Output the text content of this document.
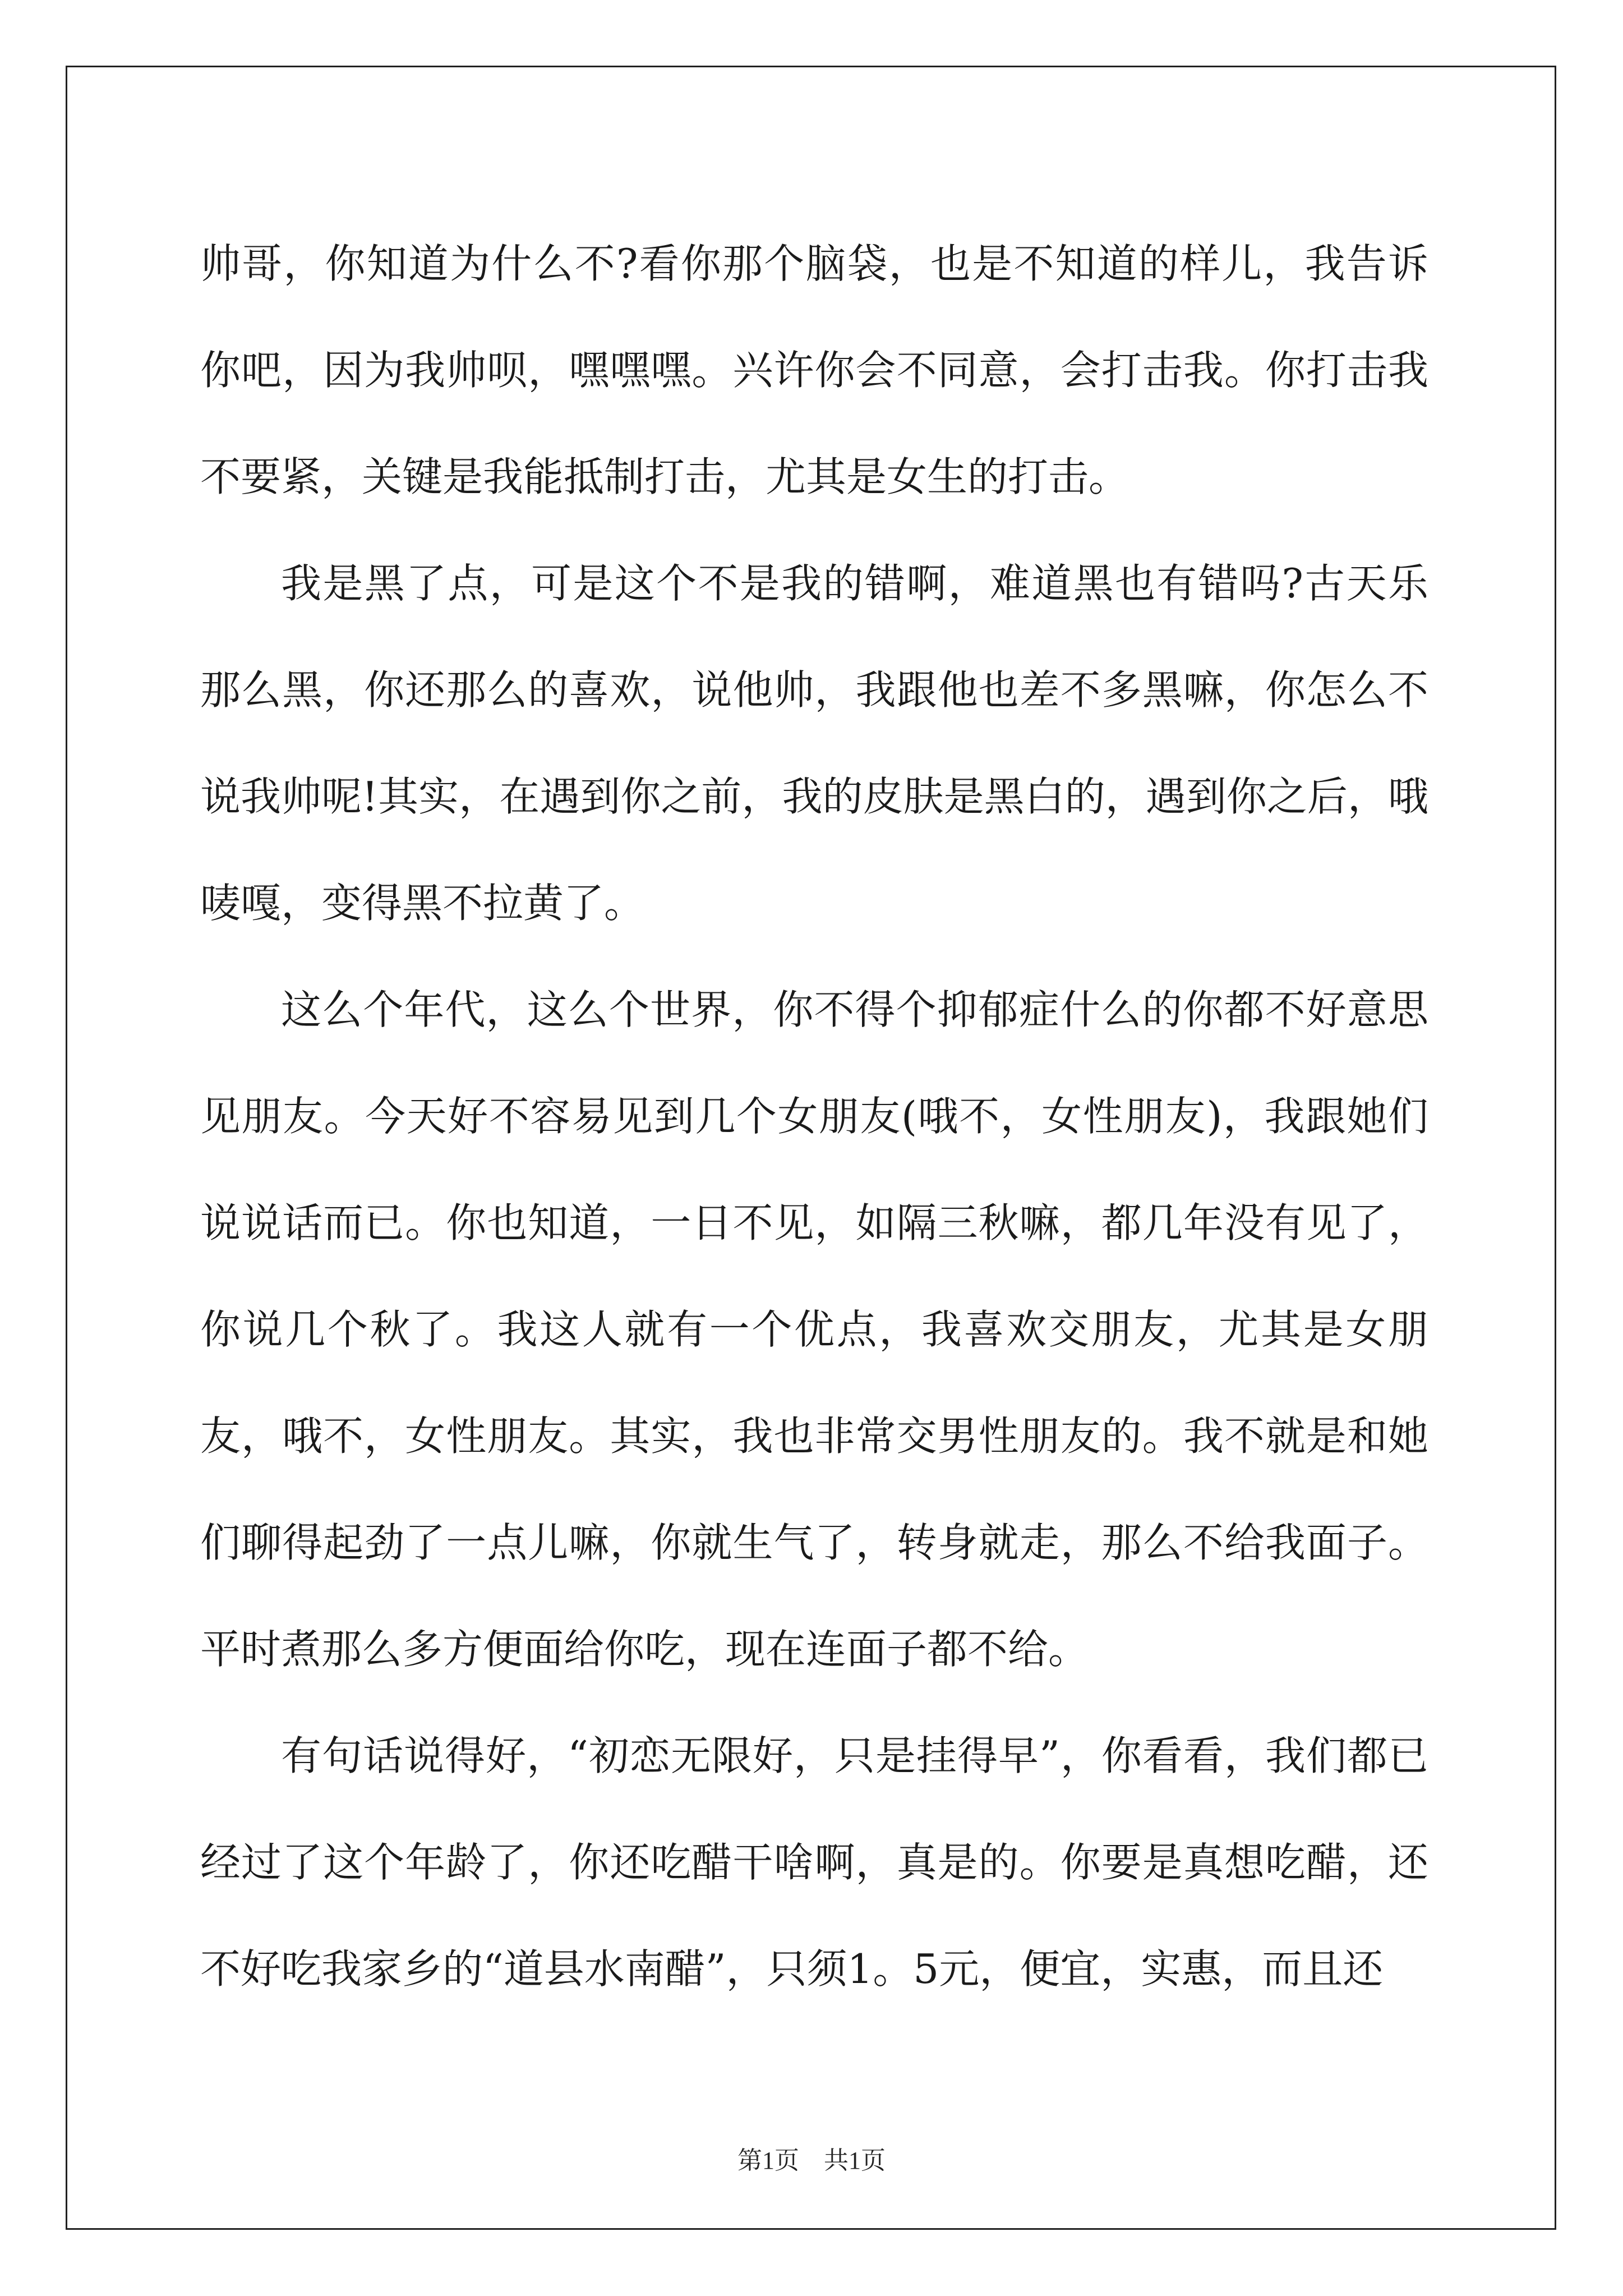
帅哥，你知道为什么不?看你那个脑袋，也是不知道的样儿，我告诉你吧，因为我帅呗，嘿嘿嘿。兴许你会不同意，会打击我。你打击我不要紧，关键是我能抵制打击，尤其是女生的打击。

我是黑了点，可是这个不是我的错啊，难道黑也有错吗?古天乐那么黑，你还那么的喜欢，说他帅，我跟他也差不多黑嘛，你怎么不说我帅呢!其实，在遇到你之前，我的皮肤是黑白的，遇到你之后，哦唛嘎，变得黑不拉黄了。

这么个年代，这么个世界，你不得个抑郁症什么的你都不好意思见朋友。今天好不容易见到几个女朋友(哦不，女性朋友)，我跟她们说说话而已。你也知道，一日不见，如隔三秋嘛，都几年没有见了，你说几个秋了。我这人就有一个优点，我喜欢交朋友，尤其是女朋友，哦不，女性朋友。其实，我也非常交男性朋友的。我不就是和她们聊得起劲了一点儿嘛，你就生气了，转身就走，那么不给我面子。平时煮那么多方便面给你吃，现在连面子都不给。

有句话说得好，“初恋无限好，只是挂得早”，你看看，我们都已经过了这个年龄了，你还吃醋干啥啊，真是的。你要是真想吃醋，还不好吃我家乡的“道县水南醋”，只须1。5元，便宜，实惠，而且还

第1页　共1页
